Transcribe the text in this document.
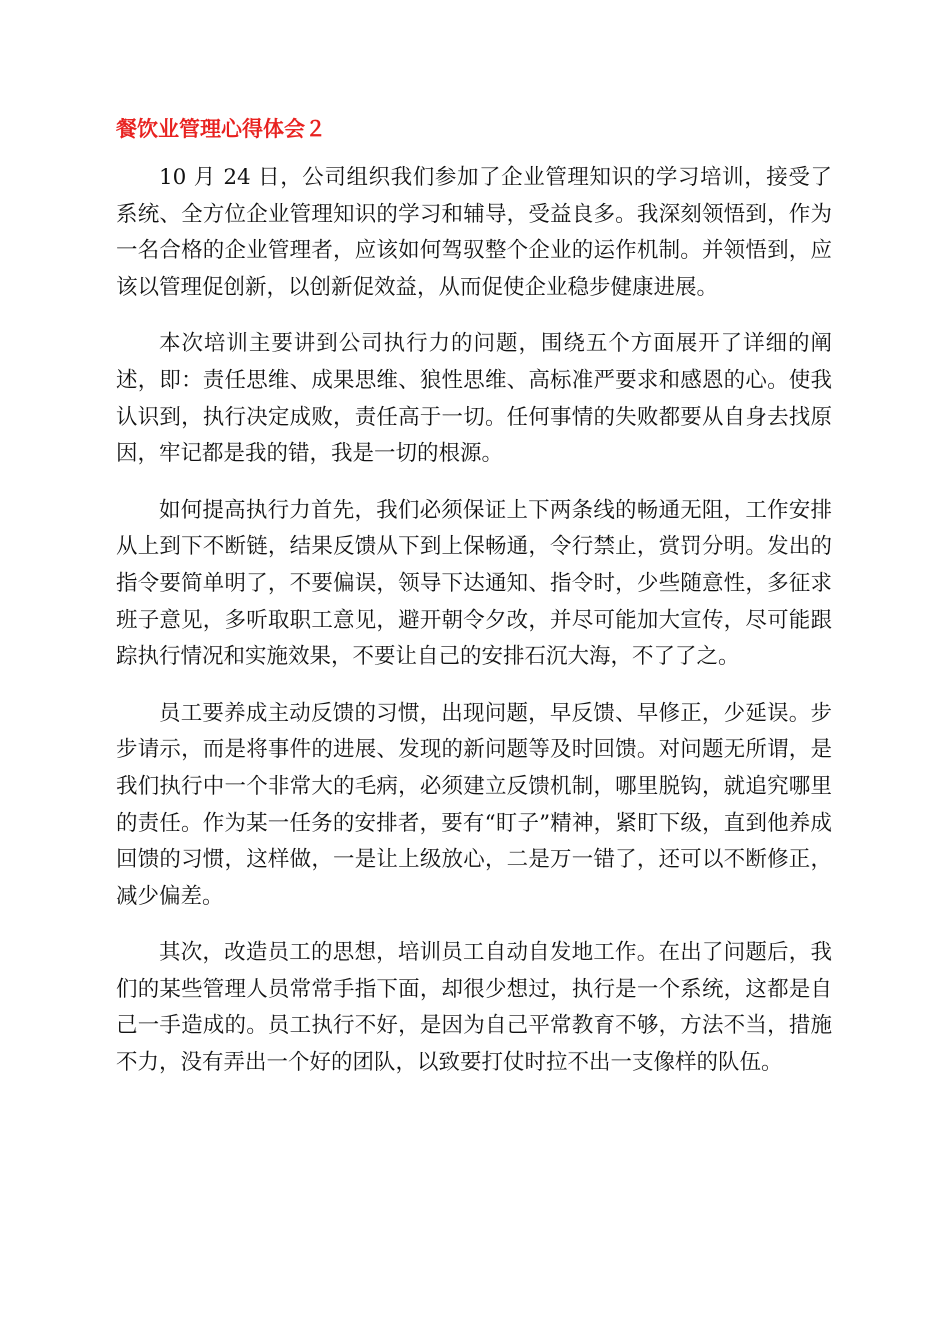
餐饮业管理心得体会２

10 月 24 日，公司组织我们参加了企业管理知识的学习培训，接受了系统、全方位企业管理知识的学习和辅导，受益良多。我深刻领悟到，作为一名合格的企业管理者，应该如何驾驭整个企业的运作机制。并领悟到，应该以管理促创新，以创新促效益，从而促使企业稳步健康进展。

本次培训主要讲到公司执行力的问题，围绕五个方面展开了详细的阐述，即：责任思维、成果思维、狼性思维、高标准严要求和感恩的心。使我认识到，执行决定成败，责任高于一切。任何事情的失败都要从自身去找原因，牢记都是我的错，我是一切的根源。

如何提高执行力首先，我们必须保证上下两条线的畅通无阻，工作安排从上到下不断链，结果反馈从下到上保畅通，令行禁止，赏罚分明。发出的指令要简单明了，不要偏误，领导下达通知、指令时，少些随意性，多征求班子意见，多听取职工意见，避开朝令夕改，并尽可能加大宣传，尽可能跟踪执行情况和实施效果，不要让自己的安排石沉大海，不了了之。

员工要养成主动反馈的习惯，出现问题，早反馈、早修正，少延误。步步请示，而是将事件的进展、发现的新问题等及时回馈。对问题无所谓，是我们执行中一个非常大的毛病，必须建立反馈机制，哪里脱钩，就追究哪里的责任。作为某一任务的安排者，要有“盯子”精神，紧盯下级，直到他养成回馈的习惯，这样做，一是让上级放心，二是万一错了，还可以不断修正，减少偏差。

其次，改造员工的思想，培训员工自动自发地工作。在出了问题后，我们的某些管理人员常常手指下面，却很少想过，执行是一个系统，这都是自己一手造成的。员工执行不好，是因为自己平常教育不够，方法不当，措施不力，没有弄出一个好的团队，以致要打仗时拉不出一支像样的队伍。
